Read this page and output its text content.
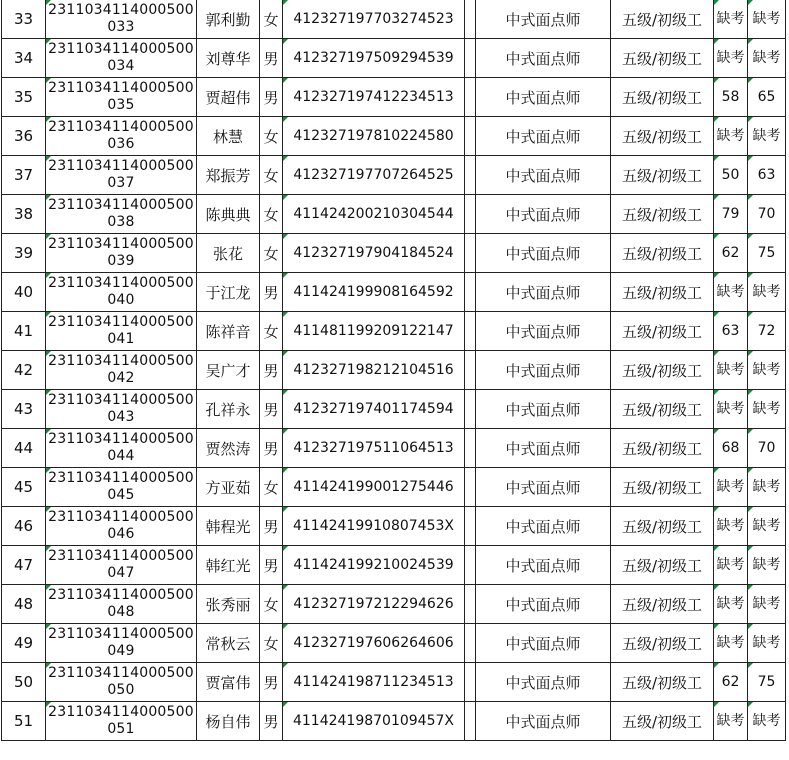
33	2311034114000500033	郭利勤	女	412327197703274523		中式面点师	五级/初级工	缺考	缺考
34	2311034114000500034	刘尊华	男	412327197509294539		中式面点师	五级/初级工	缺考	缺考
35	2311034114000500035	贾超伟	男	412327197412234513		中式面点师	五级/初级工	58	65
36	2311034114000500036	林慧	女	412327197810224580		中式面点师	五级/初级工	缺考	缺考
37	2311034114000500037	郑振芳	女	412327197707264525		中式面点师	五级/初级工	50	63
38	2311034114000500038	陈典典	女	411424200210304544		中式面点师	五级/初级工	79	70
39	2311034114000500039	张花	女	412327197904184524		中式面点师	五级/初级工	62	75
40	2311034114000500040	于江龙	男	411424199908164592		中式面点师	五级/初级工	缺考	缺考
41	2311034114000500041	陈祥音	女	411481199209122147		中式面点师	五级/初级工	63	72
42	2311034114000500042	吴广才	男	412327198212104516		中式面点师	五级/初级工	缺考	缺考
43	2311034114000500043	孔祥永	男	412327197401174594		中式面点师	五级/初级工	缺考	缺考
44	2311034114000500044	贾然涛	男	412327197511064513		中式面点师	五级/初级工	68	70
45	2311034114000500045	方亚茹	女	411424199001275446		中式面点师	五级/初级工	缺考	缺考
46	2311034114000500046	韩程光	男	41142419910807453X		中式面点师	五级/初级工	缺考	缺考
47	2311034114000500047	韩红光	男	411424199210024539		中式面点师	五级/初级工	缺考	缺考
48	2311034114000500048	张秀丽	女	412327197212294626		中式面点师	五级/初级工	缺考	缺考
49	2311034114000500049	常秋云	女	412327197606264606		中式面点师	五级/初级工	缺考	缺考
50	2311034114000500050	贾富伟	男	411424198711234513		中式面点师	五级/初级工	62	75
51	2311034114000500051	杨自伟	男	41142419870109457X		中式面点师	五级/初级工	缺考	缺考
